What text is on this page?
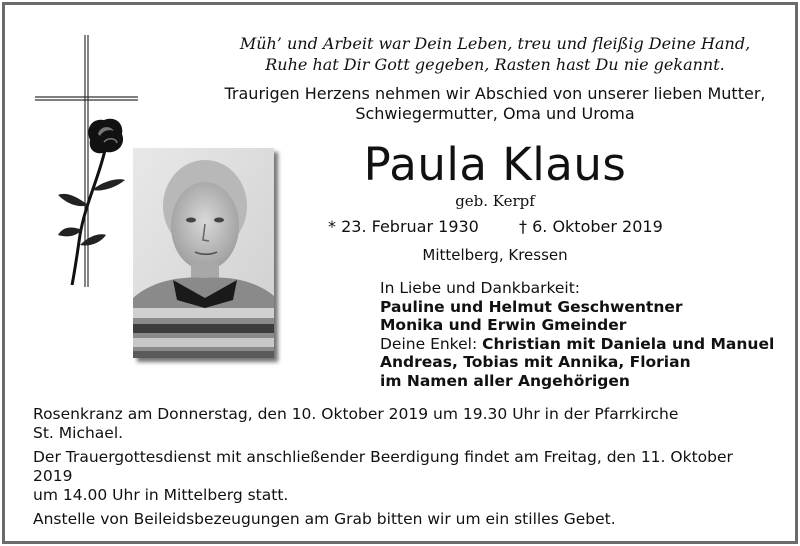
Müh’ und Arbeit war Dein Leben, treu und fleißig Deine Hand,
Ruhe hat Dir Gott gegeben, Rasten hast Du nie gekannt.
Traurigen Herzens nehmen wir Abschied von unserer lieben Mutter,
Schwiegermutter, Oma und Uroma
Paula Klaus
geb. Kerpf
* 23. Februar 1930	† 6. Oktober 2019
Mittelberg, Kressen
In Liebe und Dankbarkeit:
Pauline und Helmut Geschwentner
Monika und Erwin Gmeinder
Deine Enkel: Christian mit Daniela und Manuel
Andreas, Tobias mit Annika, Florian
im Namen aller Angehörigen

Rosenkranz am Donnerstag, den 10. Oktober 2019 um 19.30 Uhr in der Pfarrkirche
St. Michael.

Der Trauergottesdienst mit anschließender Beerdigung findet am Freitag, den 11. Oktober 2019
um 14.00 Uhr in Mittelberg statt.

Anstelle von Beileidsbezeugungen am Grab bitten wir um ein stilles Gebet.
